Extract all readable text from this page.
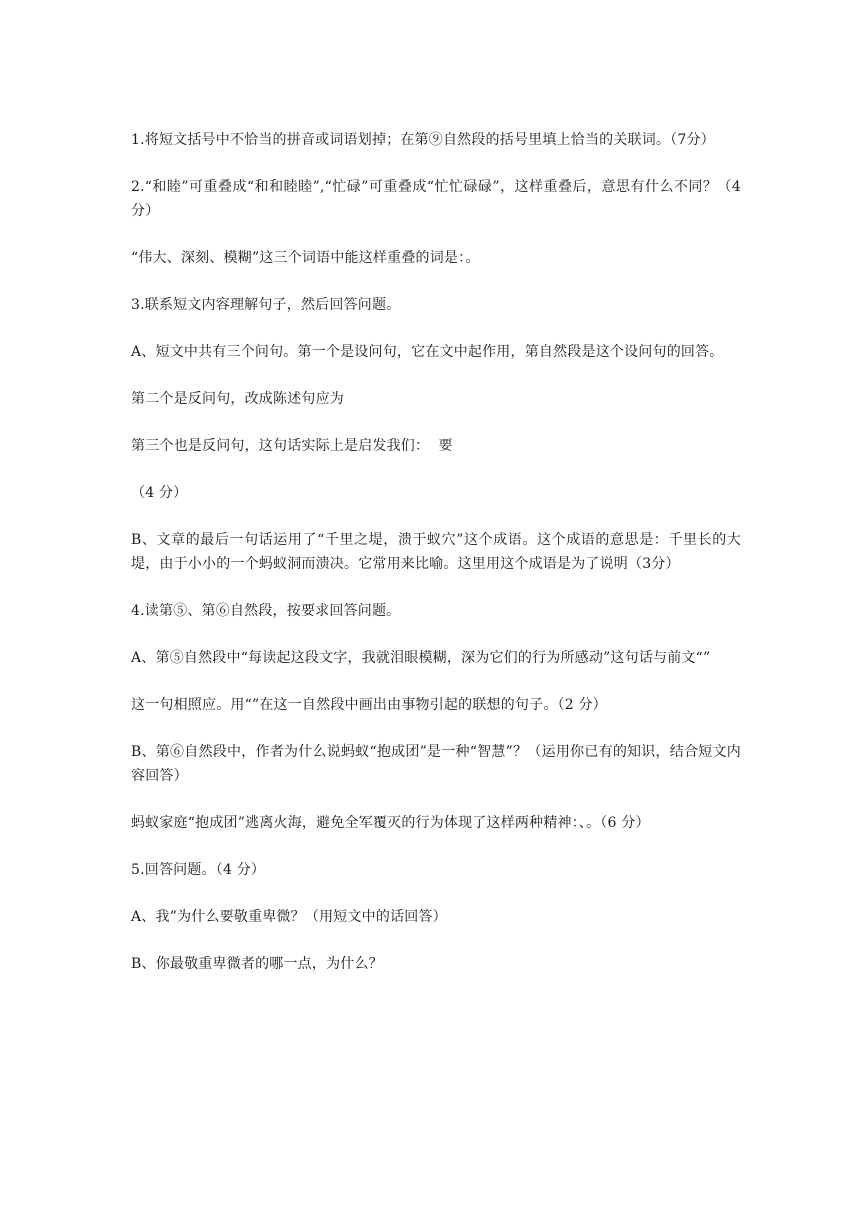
1.将短文括号中不恰当的拼音或词语划掉；在第⑨自然段的括号里填上恰当的关联词。（7分）

2.“和睦”可重叠成“和和睦睦”,“忙碌”可重叠成“忙忙碌碌”，这样重叠后，意思有什么不同？（4 分）

“伟大、深刻、模糊”这三个词语中能这样重叠的词是：。

3.联系短文内容理解句子，然后回答问题。

A、短文中共有三个问句。第一个是设问句，它在文中起作用，第自然段是这个设问句的回答。

第二个是反问句，改成陈述句应为

第三个也是反问句，这句话实际上是启发我们：  要

（4 分）

B、文章的最后一句话运用了“千里之堤，溃于蚁穴”这个成语。这个成语的意思是：千里长的大堤，由于小小的一个蚂蚁洞而溃决。它常用来比喻。这里用这个成语是为了说明（3分）

4.读第⑤、第⑥自然段，按要求回答问题。

A、第⑤自然段中“每读起这段文字，我就泪眼模糊，深为它们的行为所感动”这句话与前文“”

这一句相照应。用“”在这一自然段中画出由事物引起的联想的句子。（2 分）

B、第⑥自然段中，作者为什么说蚂蚁“抱成团”是一种“智慧”？（运用你已有的知识，结合短文内容回答）

蚂蚁家庭“抱成团”逃离火海，避免全军覆灭的行为体现了这样两种精神：、。（6 分）

5.回答问题。（4 分）

A、我”为什么要敬重卑微？（用短文中的话回答）

B、你最敬重卑微者的哪一点，为什么？
